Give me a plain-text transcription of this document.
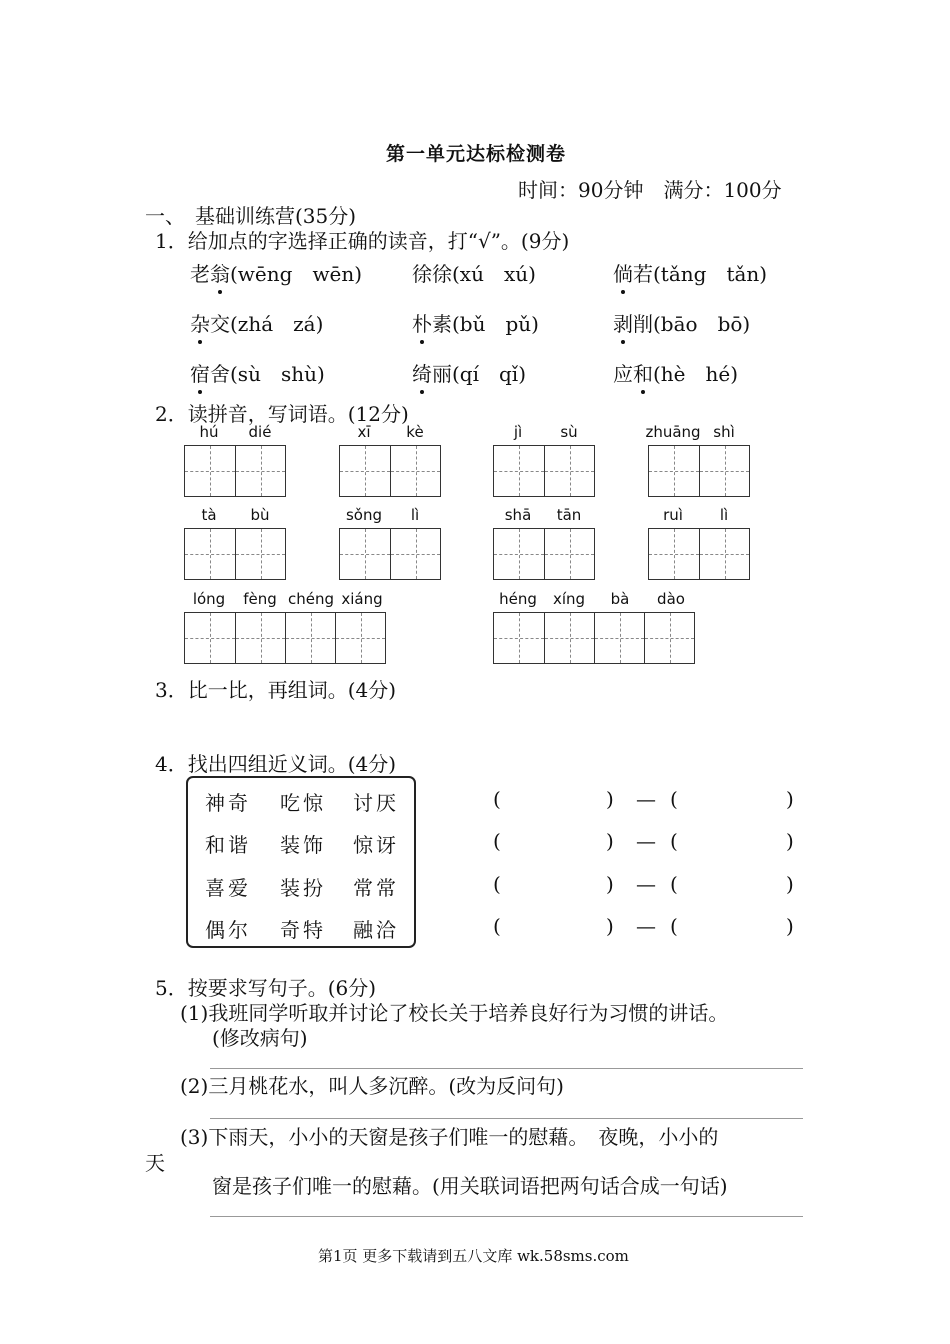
第一单元达标检测卷
时间：90分钟　满分：100分
一、　基础训练营(35分)
1．给加点的字选择正确的读音，打“√”。(9分)
老翁(wēng　wēn) 徐徐(xú　xú)	倘若(tǎng　tǎn)
杂交(zhá　zá)	朴素(bǔ　pǔ)	剥削(bāo　bō)
宿舍(sù　shù)	绮丽(qí　qǐ)	应和(hè　hé)
2．读拼音，写词语。(12分)
hú dié	xī kè	jì	sù	zhuāng shì
tà bù	sǒng lì	shā tān	ruì lì
lóng fèng chéng xiáng	héng xíng bà dào
3．比一比，再组词。(4分)
4．找出四组近义词。(4分)
神奇 吃惊 讨厌
和谐 装饰 惊讶
喜爱 装扮 常常
偶尔 奇特 融洽
(	) — (	)
(	) — (	)
(	) — (	)
(	) — (	)
5．按要求写句子。(6分)
(1)我班同学听取并讨论了校长关于培养良好行为习惯的讲话。
(修改病句)
(2)三月桃花水，叫人多沉醉。(改为反问句)
(3)下雨天，小小的天窗是孩子们唯一的慰藉。　夜晚，小小的
天
窗是孩子们唯一的慰藉。(用关联词语把两句话合成一句话)
第1页 更多下载请到五八文库 wk.58sms.com
